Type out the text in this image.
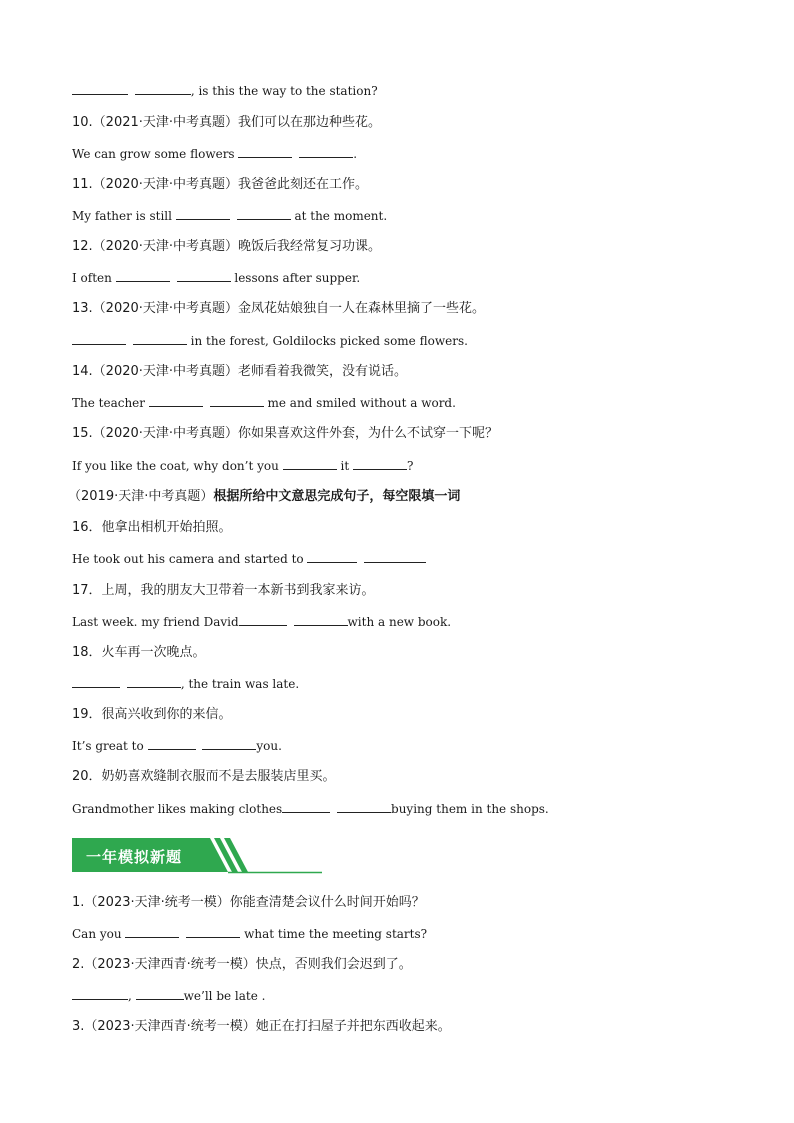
, is this the way to the station?
10.（2021·天津·中考真题）我们可以在那边种些花。
We can grow some flowers	.
11.（2020·天津·中考真题）我爸爸此刻还在工作。
My father is still	at the moment.
12.（2020·天津·中考真题）晚饭后我经常复习功课。
I often	lessons after supper.
13.（2020·天津·中考真题）金凤花姑娘独自一人在森林里摘了一些花。
in the forest, Goldilocks picked some flowers.
14.（2020·天津·中考真题）老师看着我微笑，没有说话。
The teacher	me and smiled without a word.
15.（2020·天津·中考真题）你如果喜欢这件外套，为什么不试穿一下呢？
If you like the coat, why don’t you	it	?
（2019·天津·中考真题）根据所给中文意思完成句子，每空限填一词
16．他拿出相机开始拍照。
He took out his camera and started to
17．上周，我的朋友大卫带着一本新书到我家来访。
Last week. my friend David	with a new book.
18．火车再一次晚点。
, the train was late.
19．很高兴收到你的来信。
It’s great to	you.
20．奶奶喜欢缝制衣服而不是去服装店里买。
Grandmother likes making clothes	buying them in the shops.
一年模拟新题
1.（2023·天津·统考一模）你能查清楚会议什么时间开始吗？
Can you	what time the meeting starts?
2.（2023·天津西青·统考一模）快点，否则我们会迟到了。
,	we’ll be late .
3.（2023·天津西青·统考一模）她正在打扫屋子并把东西收起来。
